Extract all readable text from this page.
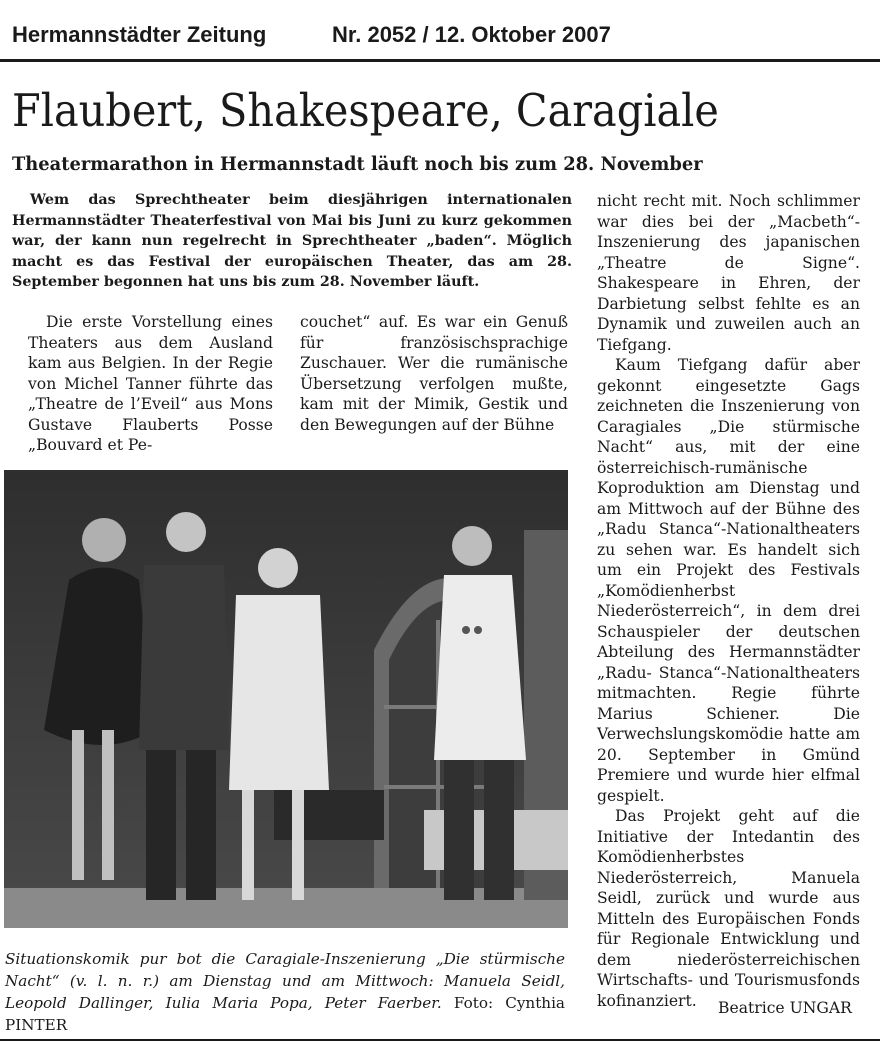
Hermannstädter Zeitung	Nr. 2052 / 12. Oktober 2007
Flaubert, Shakespeare, Caragiale
Theatermarathon in Hermannstadt läuft noch bis zum 28. November

Wem das Sprechtheater beim diesjährigen internationalen Hermannstädter Theaterfestival von Mai bis Juni zu kurz gekommen war, der kann nun regelrecht in Sprechtheater „baden“. Möglich macht es das Festival der europäischen Theater, das am 28. September begonnen hat uns bis zum 28. November läuft.

Die erste Vorstellung eines Theaters aus dem Ausland kam aus Belgien. In der Regie von Michel Tanner führte das „Theatre de l’Eveil“ aus Mons Gustave Flauberts Posse „Bouvard et Pe-

couchet“ auf. Es war ein Genuß für französischsprachige Zuschauer. Wer die rumänische Übersetzung verfolgen mußte, kam mit der Mimik, Gestik und den Bewegungen auf der Bühne

nicht recht mit. Noch schlimmer war dies bei der „Macbeth“-Inszenierung des japanischen „Theatre de Signe“. Shakespeare in Ehren, der Darbietung selbst fehlte es an Dynamik und zuweilen auch an Tiefgang.

Kaum Tiefgang dafür aber gekonnt eingesetzte Gags zeichneten die Inszenierung von Caragiales „Die stürmische Nacht“ aus, mit der eine österreichisch-rumänische Koproduktion am Dienstag und am Mittwoch auf der Bühne des „Radu Stanca“-Nationaltheaters zu sehen war. Es handelt sich um ein Projekt des Festivals „Komödienherbst Niederösterreich“, in dem drei Schauspieler der deutschen Abteilung des Hermannstädter „Radu- Stanca“-Nationaltheaters mitmachten. Regie führte Marius Schiener. Die Verwechslungskomödie hatte am 20. September in Gmünd Premiere und wurde hier elfmal gespielt.

Das Projekt geht auf die Initiative der Intedantin des Komödienherbstes Niederösterreich, Manuela Seidl, zurück und wurde aus Mitteln des Europäischen Fonds für Regionale Entwicklung und dem niederösterreichischen Wirtschafts- und Tourismusfonds kofinanziert.

Situationskomik pur bot die Caragiale-Inszenierung „Die stürmische Nacht“ (v. l. n. r.) am Dienstag und am Mittwoch: Manuela Seidl, Leopold Dallinger, Iulia Maria Popa, Peter Faerber. Foto: Cynthia PINTER
Beatrice UNGAR
